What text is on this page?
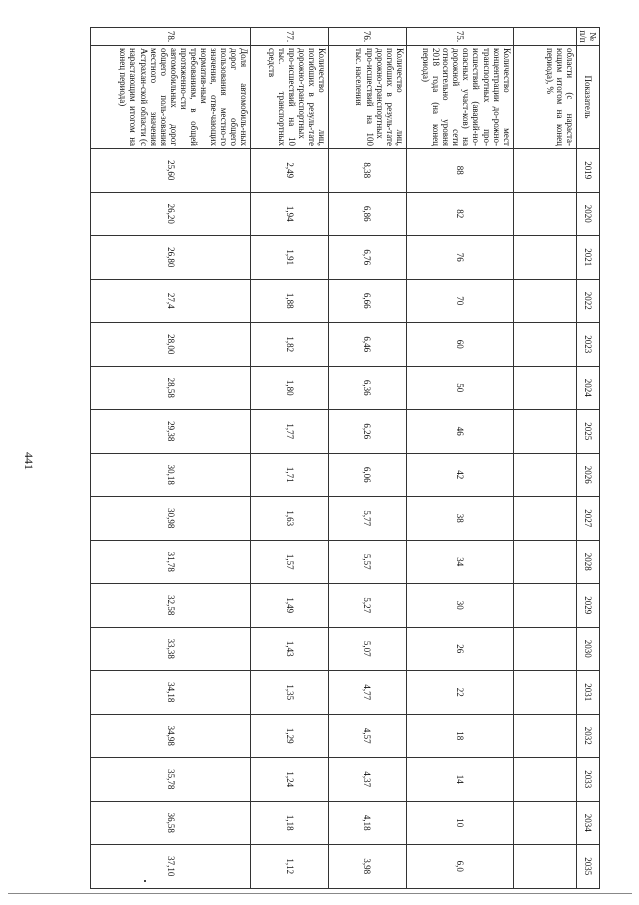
441
№ п/п	Показатель	2019	2020	2021	2022	2023	2024	2025	2026	2027	2028	2029	2030	2031	2032	2033	2034	2035
	области (с нараста-ющим итогом на конец периода), %																	
75.	Количество мест концентрации до-рожно-транспортных про-исшествий (аварий-но-опасных участ-ков) на дорожной сети относительно уровня 2018 года (на конец периода)	88	82	76	70	60	50	46	42	38	34	30	26	22	18	14	10	6,0
76.	Количество лиц, погибших в резуль-тате дорожно-транспортных про-исшествий на 100 тыс. населения	8,38	6,86	6,76	6,66	6,46	6,36	6,26	6,06	5,77	5,57	5,27	5,07	4,77	4,57	4,37	4,18	3,98
77.	Количество лиц, погибших в резуль-тате дорожно-транспортных про-исшествий на 10 тыс. транспортных средств	2,49	1,94	1,91	1,88	1,82	1,80	1,77	1,71	1,63	1,57	1,49	1,43	1,35	1,29	1,24	1,18	1,12
78.	Доля автомобиль-ных дорог общего пользования местно-го значения, отве-чающих норматив-ным требованиям, в общей протяженно-сти автомобильных дорог общего поль-зования местного значения Астрахан-ской области (с нарастающим итогом на конец периода)	25,60	26,20	26,80	27,4	28,00	28,58	29,38	30,18	30,98	31,78	32,58	33,38	34,18	34,98	35,78	36,58	37,10
